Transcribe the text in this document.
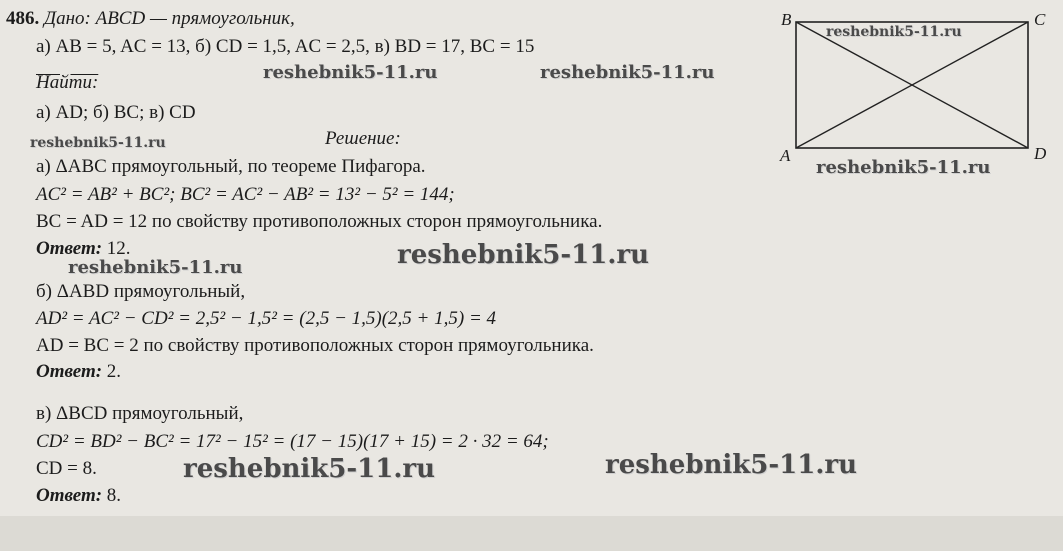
486. Дано: ABCD — прямоугольник,
а) AB = 5, AC = 13, б) CD = 1,5, AC = 2,5, в) BD = 17, BC = 15
Найти:
а) AD; б) BC; в) CD
B	C
A	D
Решение:
а) ΔABC прямоугольный, по теореме Пифагора.
AC² = AB² + BC²; BC² = AC² − AB² = 13² − 5² = 144;
BC = AD = 12 по свойству противоположных сторон прямоугольника.
Ответ: 12.
б) ΔABD прямоугольный,
AD² = AC² − CD² = 2,5² − 1,5² = (2,5 − 1,5)(2,5 + 1,5) = 4
AD = BC = 2 по свойству противоположных сторон прямоугольника.
Ответ: 2.
в) ΔBCD прямоугольный,
CD² = BD² − BC² = 17² − 15² = (17 − 15)(17 + 15) = 2 · 32 = 64;
CD = 8.
Ответ: 8.
reshebnik5-11.ru
reshebnik5-11.ru	reshebnik5-11.ru
reshebnik5-11.ru
reshebnik5-11.ru
reshebnik5-11.ru
reshebnik5-11.ru
reshebnik5-11.ru	reshebnik5-11.ru
